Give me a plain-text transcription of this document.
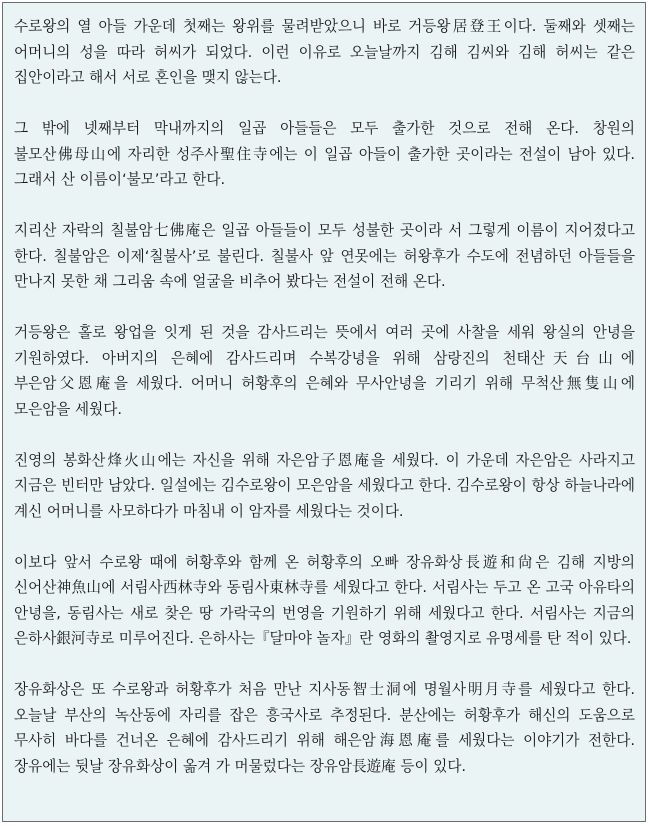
수로왕의 열 아들 가운데 첫째는 왕위를 물려받았으니 바로 거등왕居登王이다. 둘째와 셋째는 어머니의 성을 따라 허씨가 되었다. 이런 이유로 오늘날까지 김해 김씨와 김해 허씨는 같은 집안이라고 해서 서로 혼인을 맺지 않는다.

그 밖에 넷째부터 막내까지의 일곱 아들들은 모두 출가한 것으로 전해 온다. 창원의 불모산佛母山에 자리한 성주사聖住寺에는 이 일곱 아들이 출가한 곳이라는 전설이 남아 있다. 그래서 산 이름이‘불모’라고 한다.

지리산 자락의 칠불암七佛庵은 일곱 아들들이 모두 성불한 곳이라 서 그렇게 이름이 지어졌다고 한다. 칠불암은 이제‘칠불사’로 불린다. 칠불사 앞 연못에는 허왕후가 수도에 전념하던 아들들을 만나지 못한 채 그리움 속에 얼굴을 비추어 봤다는 전설이 전해 온다.

거등왕은 홀로 왕업을 잇게 된 것을 감사드리는 뜻에서 여러 곳에 사찰을 세워 왕실의 안녕을 기원하였다. 아버지의 은혜에 감사드리며 수복강녕을 위해 삼랑진의 천태산天台山에 부은암父恩庵을 세웠다. 어머니 허황후의 은혜와 무사안녕을 기리기 위해 무척산無隻山에 모은암을 세웠다.

진영의 봉화산烽火山에는 자신을 위해 자은암子恩庵을 세웠다. 이 가운데 자은암은 사라지고 지금은 빈터만 남았다. 일설에는 김수로왕이 모은암을 세웠다고 한다. 김수로왕이 항상 하늘나라에 계신 어머니를 사모하다가 마침내 이 암자를 세웠다는 것이다.

이보다 앞서 수로왕 때에 허황후와 함께 온 허황후의 오빠 장유화상長遊和尙은 김해 지방의 신어산神魚山에 서림사西林寺와 동림사東林寺를 세웠다고 한다. 서림사는 두고 온 고국 아유타의 안녕을, 동림사는 새로 찾은 땅 가락국의 번영을 기원하기 위해 세웠다고 한다. 서림사는 지금의 은하사銀河寺로 미루어진다. 은하사는『달마야 놀자』란 영화의 촬영지로 유명세를 탄 적이 있다.

장유화상은 또 수로왕과 허황후가 처음 만난 지사동智士洞에 명월사明月寺를 세웠다고 한다. 오늘날 부산의 녹산동에 자리를 잡은 흥국사로 추정된다. 분산에는 허황후가 해신의 도움으로 무사히 바다를 건너온 은혜에 감사드리기 위해 해은암海恩庵를 세웠다는 이야기가 전한다. 장유에는 뒷날 장유화상이 옮겨 가 머물렀다는 장유암長遊庵 등이 있다.
